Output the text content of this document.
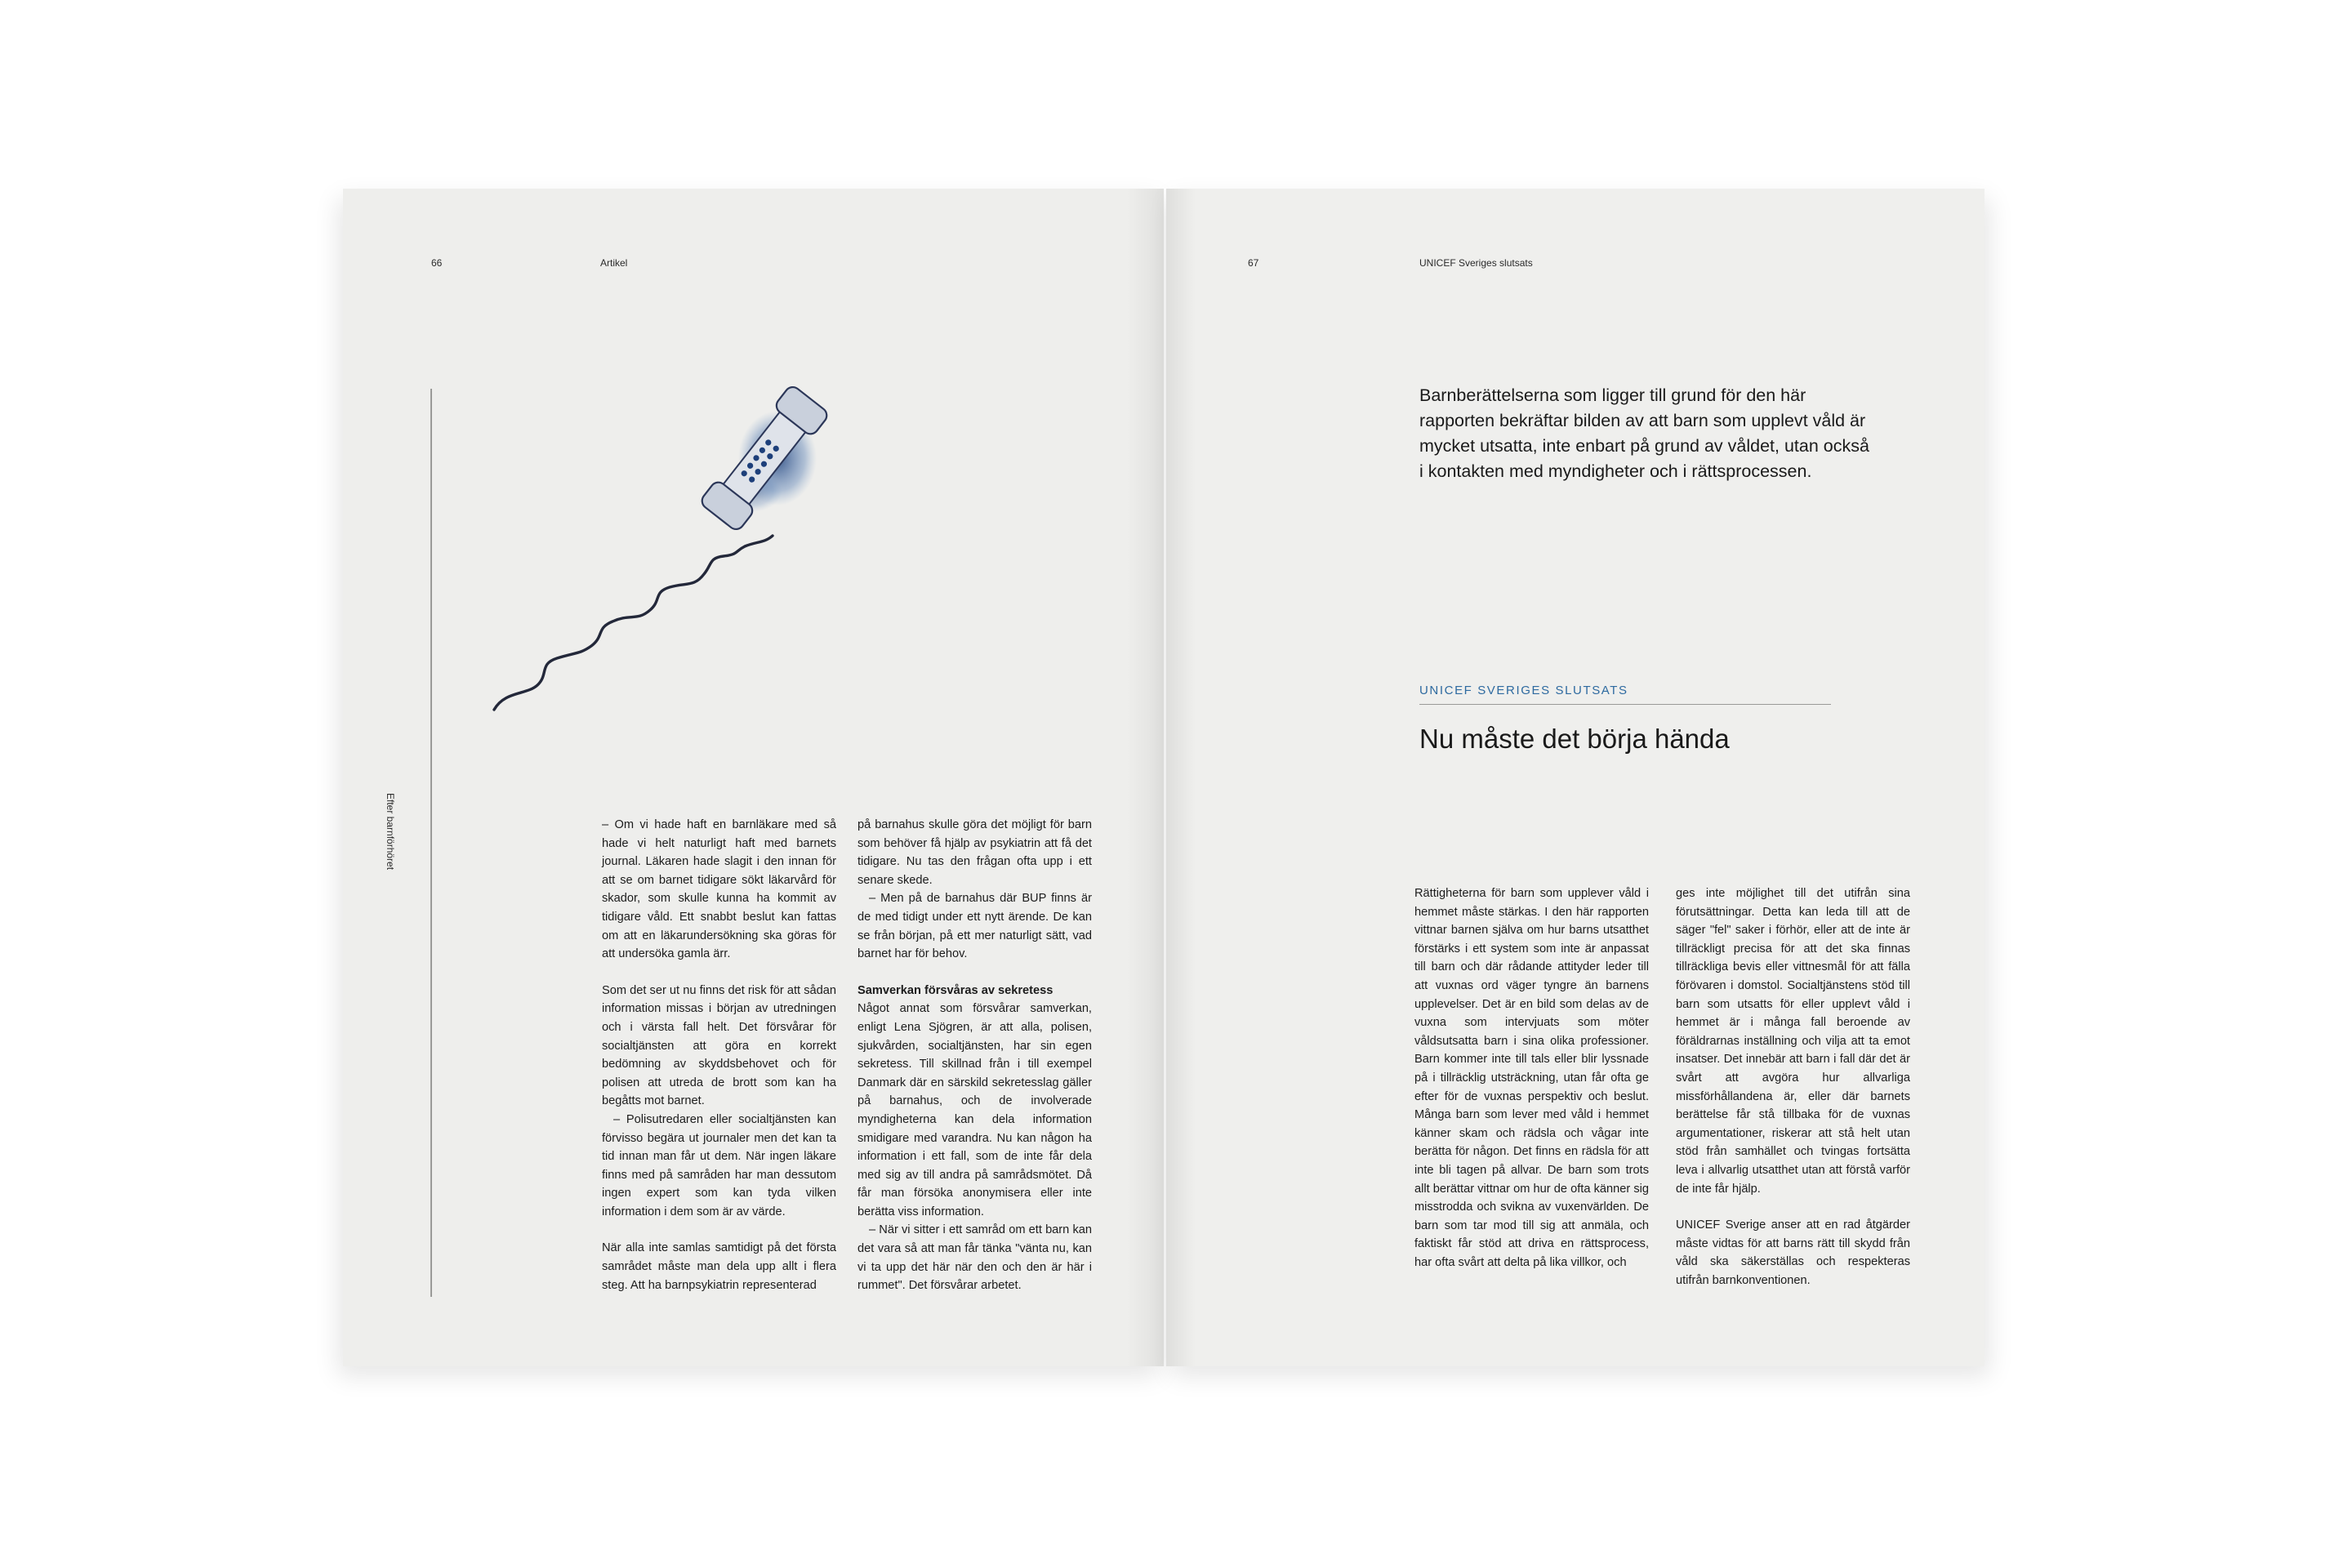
66	Artikel
Efter barnförhöret	– Om vi hade haft en barnläkare med så hade vi helt naturligt haft med barnets journal. Läkaren hade slagit i den innan för att se om barnet tidigare sökt läkarvård för skador, som skulle kunna ha kommit av tidigare våld. Ett snabbt beslut kan fattas om att en läkarundersökning ska göras för att undersöka gamla ärr.

Som det ser ut nu finns det risk för att sådan information missas i början av utredningen och i värsta fall helt. Det försvårar för socialtjänsten att göra en korrekt bedömning av skyddsbehovet och för polisen att utreda de brott som kan ha begåtts mot barnet.

– Polisutredaren eller socialtjänsten kan förvisso begära ut journaler men det kan ta tid innan man får ut dem. När ingen läkare finns med på samråden har man dessutom ingen expert som kan tyda vilken information i dem som är av värde.

När alla inte samlas samtidigt på det första samrådet måste man dela upp allt i flera steg. Att ha barnpsykiatrin representerad

på barnahus skulle göra det möjligt för barn som behöver få hjälp av psykiatrin att få det tidigare. Nu tas den frågan ofta upp i ett senare skede.

– Men på de barnahus där BUP finns är de med tidigt under ett nytt ärende. De kan se från början, på ett mer naturligt sätt, vad barnet har för behov.

Samverkan försvåras av sekretess

Något annat som försvårar samverkan, enligt Lena Sjögren, är att alla, polisen, sjukvården, socialtjänsten, har sin egen sekretess. Till skillnad från i till exempel Danmark där en särskild sekretesslag gäller på barnahus, och de involverade myndigheterna kan dela information smidigare med varandra. Nu kan någon ha information i ett fall, som de inte får dela med sig av till andra på samrådsmötet. Då får man försöka anonymisera eller inte berätta viss information.

– När vi sitter i ett samråd om ett barn kan det vara så att man får tänka "vänta nu, kan vi ta upp det här när den och den är här i rummet". Det försvårar arbetet.

67	UNICEF Sveriges slutsats
Barnberättelserna som ligger till grund för den här rapporten bekräftar bilden av att barn som upplevt våld är mycket utsatta, inte enbart på grund av våldet, utan också i kontakten med myndigheter och i rättsprocessen.
UNICEF SVERIGES SLUTSATS
Nu måste det börja hända

Rättigheterna för barn som upplever våld i hemmet måste stärkas. I den här rapporten vittnar barnen själva om hur barns utsatthet förstärks i ett system som inte är anpassat till barn och där rådande attityder leder till att vuxnas ord väger tyngre än barnens upplevelser. Det är en bild som delas av de vuxna som intervjuats som möter våldsutsatta barn i sina olika professioner. Barn kommer inte till tals eller blir lyssnade på i tillräcklig utsträckning, utan får ofta ge efter för de vuxnas perspektiv och beslut. Många barn som lever med våld i hemmet känner skam och rädsla och vågar inte berätta för någon. Det finns en rädsla för att inte bli tagen på allvar. De barn som trots allt berättar vittnar om hur de ofta känner sig misstrodda och svikna av vuxenvärlden. De barn som tar mod till sig att anmäla, och faktiskt får stöd att driva en rättsprocess, har ofta svårt att delta på lika villkor, och

ges inte möjlighet till det utifrån sina förutsättningar. Detta kan leda till att de säger "fel" saker i förhör, eller att de inte är tillräckligt precisa för att det ska finnas tillräckliga bevis eller vittnesmål för att fälla förövaren i domstol. Socialtjänstens stöd till barn som utsatts för eller upplevt våld i hemmet är i många fall beroende av föräldrarnas inställning och vilja att ta emot insatser. Det innebär att barn i fall där det är svårt att avgöra hur allvarliga missförhållandena är, eller där barnets berättelse får stå tillbaka för de vuxnas argumentationer, riskerar att stå helt utan stöd från samhället och tvingas fortsätta leva i allvarlig utsatthet utan att förstå varför de inte får hjälp.

UNICEF Sverige anser att en rad åtgärder måste vidtas för att barns rätt till skydd från våld ska säkerställas och respekteras utifrån barnkonventionen.
